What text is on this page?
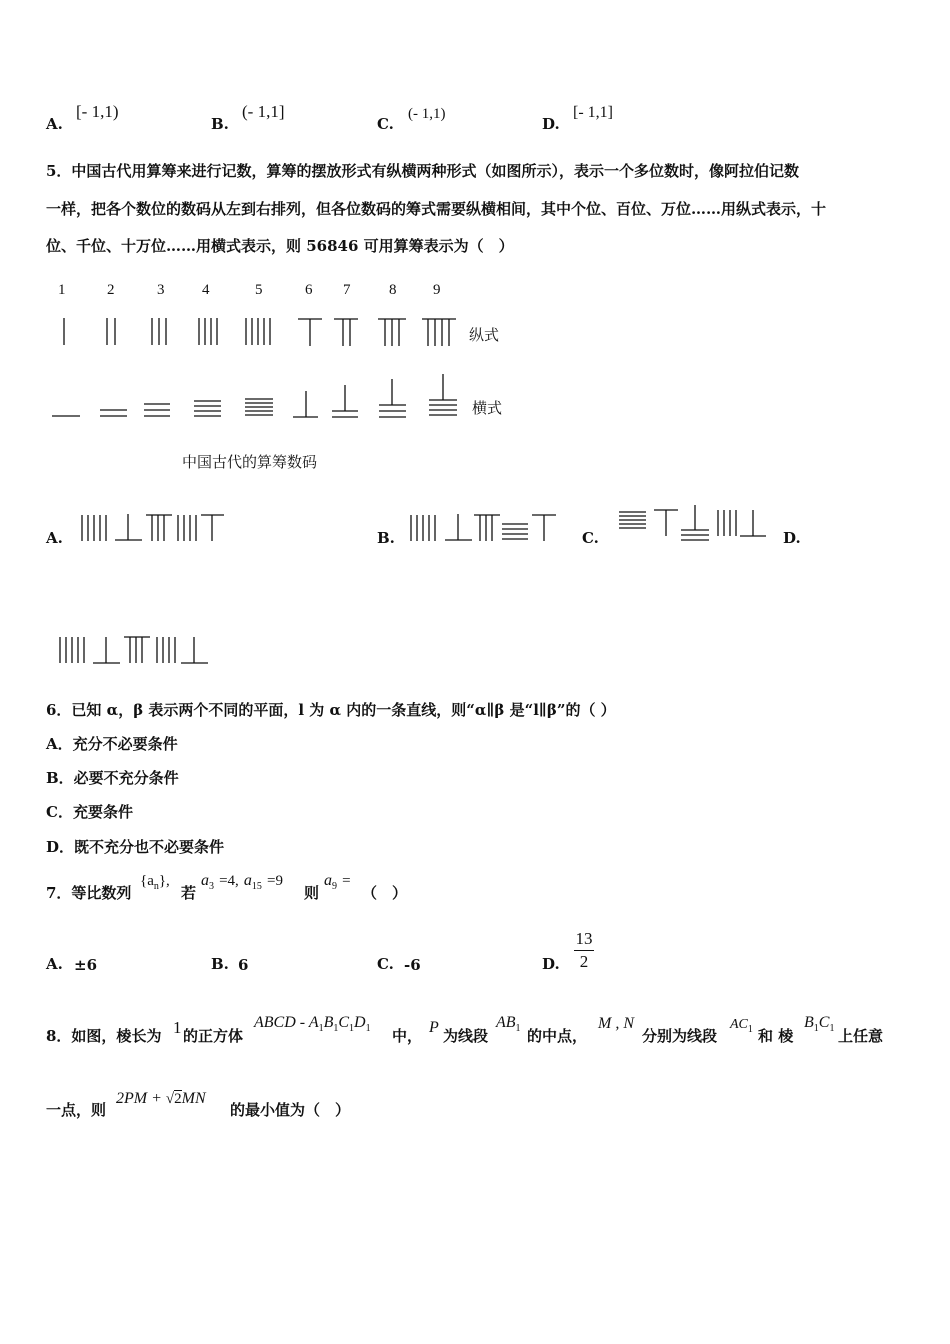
A.
[- 1,1)
B.
(- 1,1]
C.
(- 1,1)
D.
[- 1,1]
5．中国古代用算筹来进行记数，算筹的摆放形式有纵横两种形式（如图所示），表示一个多位数时，像阿拉伯记数
一样，把各个数位的数码从左到右排列，但各位数码的筹式需要纵横相间，其中个位、百位、万位……用纵式表示，十
位、千位、十万位……用横式表示，则 56846 可用算筹表示为（　）
1	2	3	4	5	6 7	8 9
纵式
横式
中国古代的算筹数码
A.	B.	C.	D.
6．已知 α，β 表示两个不同的平面，l 为 α 内的一条直线，则“α∥β 是“l∥β”的（ ）
A．充分不必要条件
B．必要不充分条件
C．充要条件
D．既不充分也不必要条件
7．等比数列
$\{a_n\}$,
若
$a_3 =4$, $a_{15} =9$
则
$a_9$ =
（　）
A. ±6	B. 6	C. -6	D.
13
2
8．如图，棱长为 1 的正方体
ABCD - $A_1B_1C_1D_1$ 中， P 为线段
$AB_1$ 的中点，
M , N
分别为线段
$AC_1$ 和 棱
$B_1C_1$ 上任意
一点，则
2PM + √2MN
的最小值为（　）
